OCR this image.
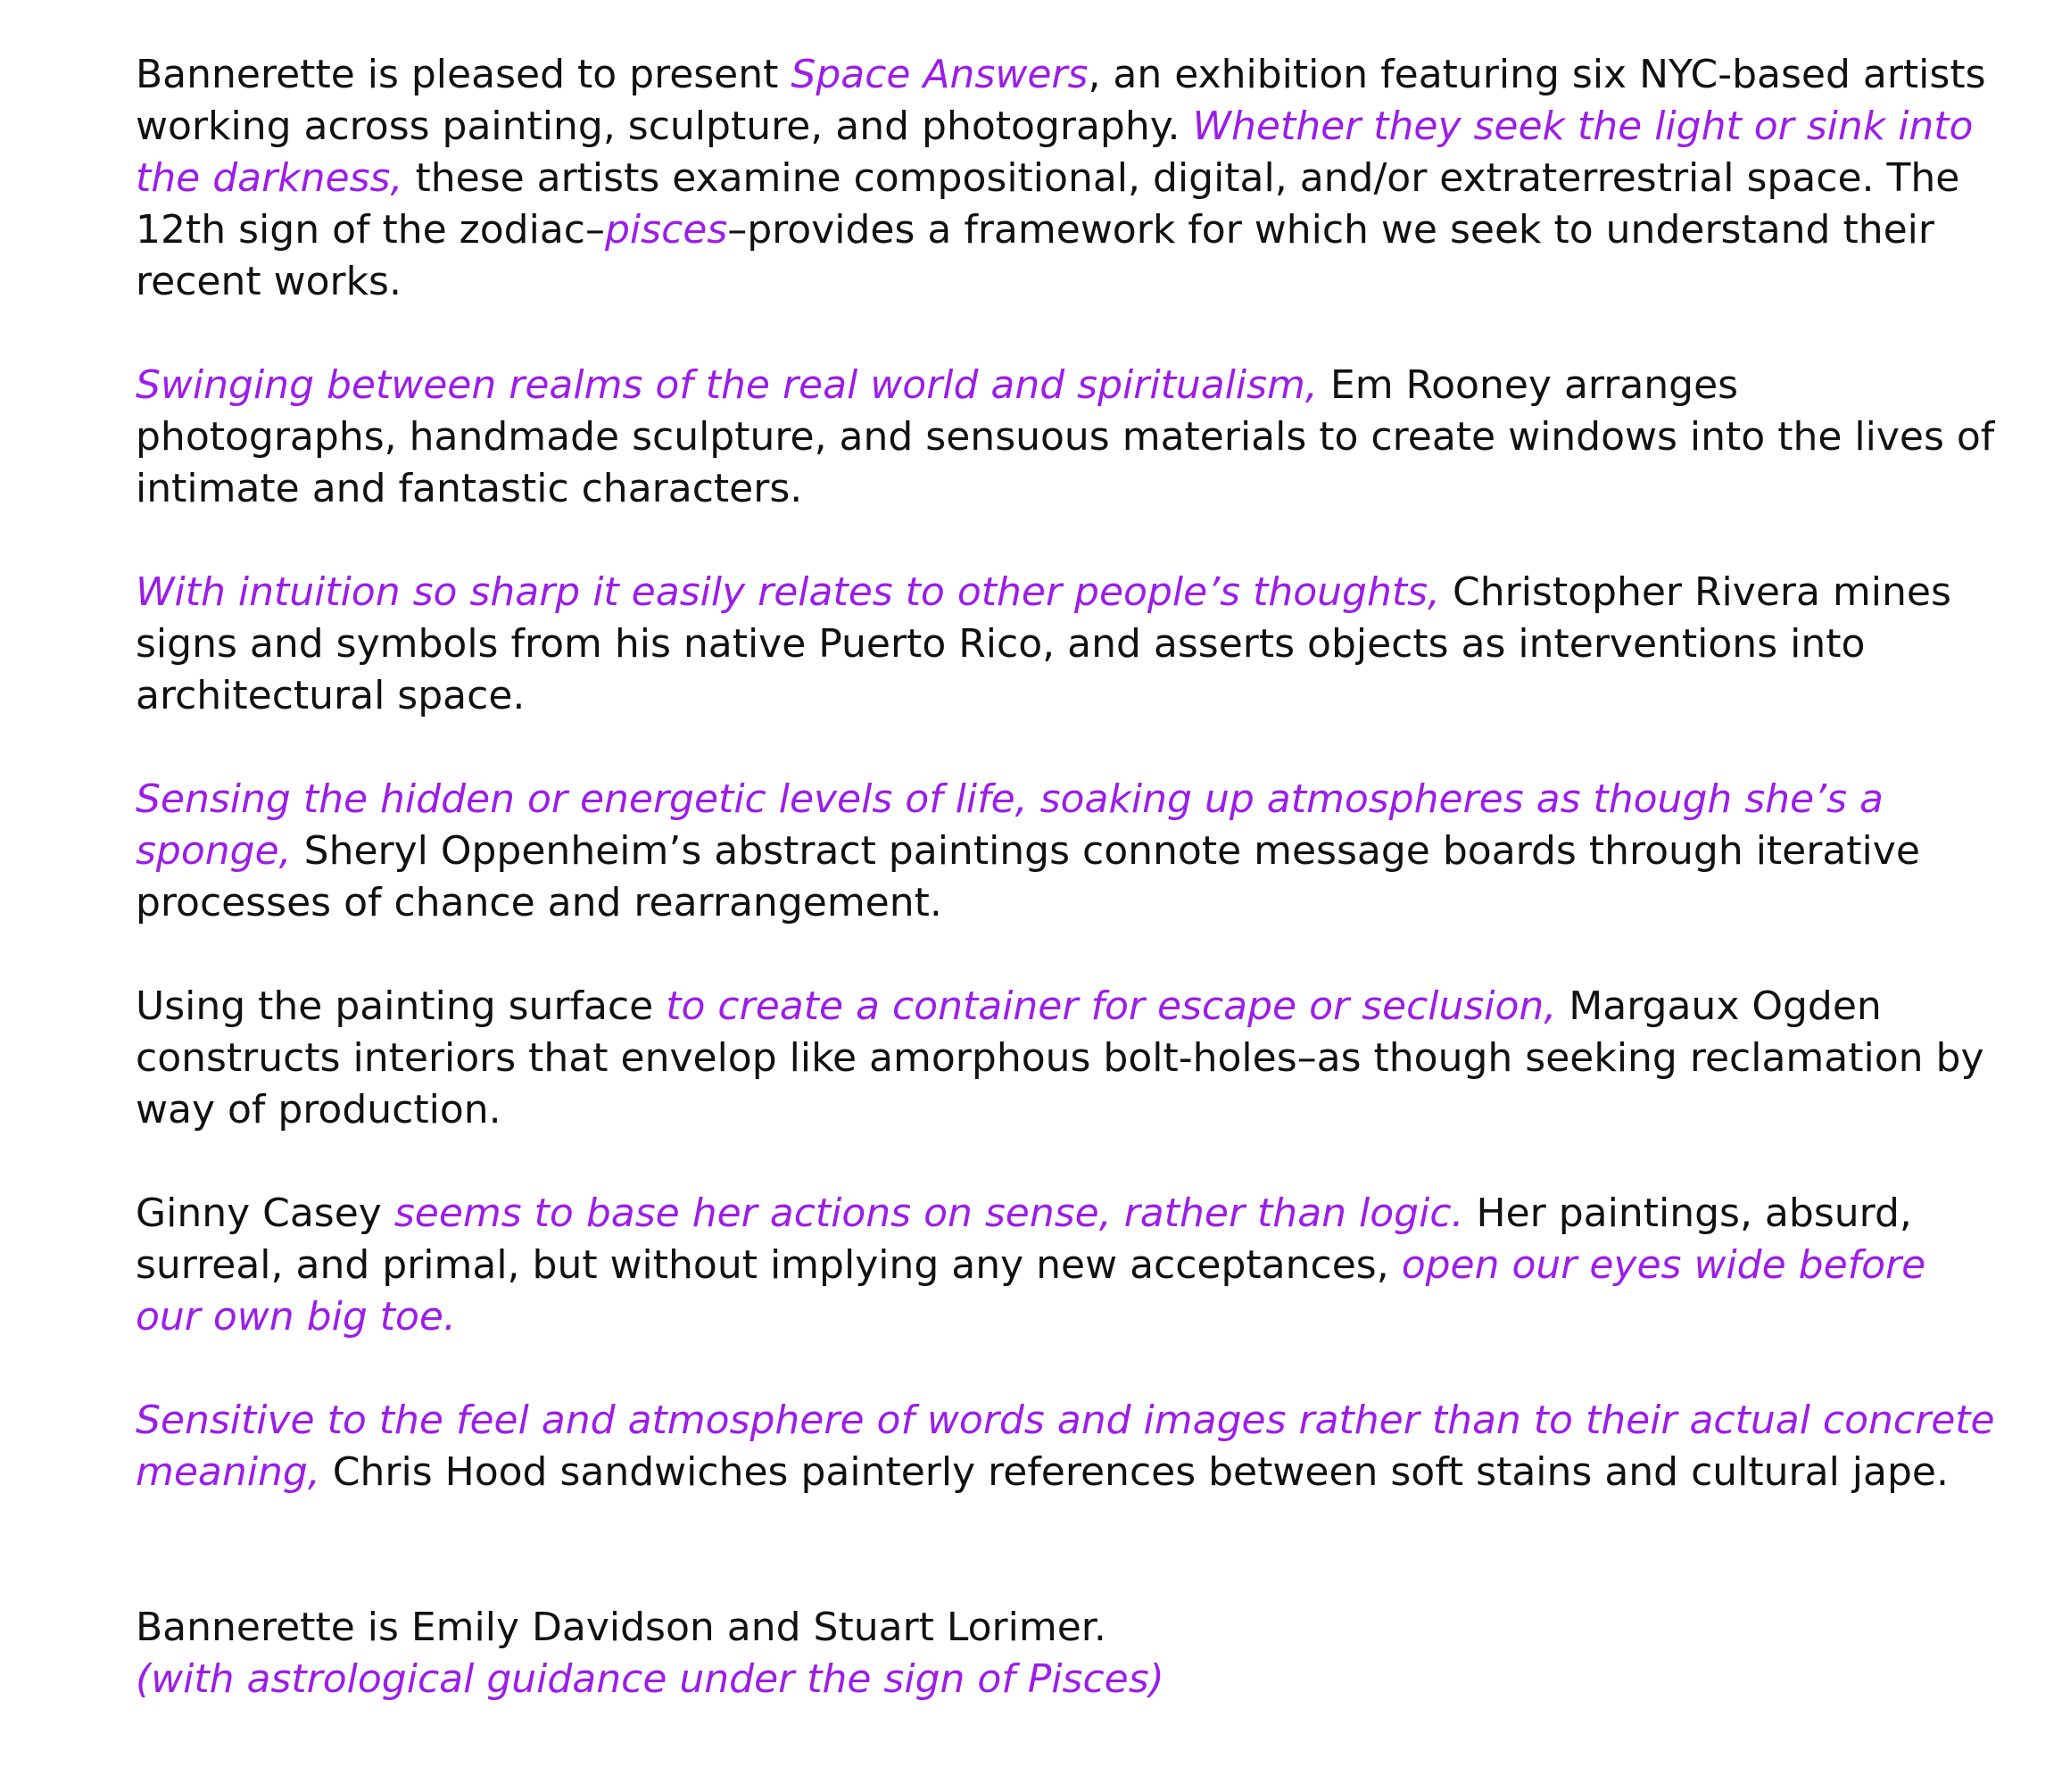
Bannerette is pleased to present Space Answers, an exhibition featuring six NYC-based artists working across painting, sculpture, and photography. Whether they seek the light or sink into the darkness, these artists examine compositional, digital, and/or extraterrestrial space. The 12th sign of the zodiac–pisces–provides a framework for which we seek to understand their recent works.

Swinging between realms of the real world and spiritualism, Em Rooney arranges photographs, handmade sculpture, and sensuous materials to create windows into the lives of intimate and fantastic characters.

With intuition so sharp it easily relates to other people’s thoughts, Christopher Rivera mines signs and symbols from his native Puerto Rico, and asserts objects as interventions into architectural space.

Sensing the hidden or energetic levels of life, soaking up atmospheres as though she’s a sponge, Sheryl Oppenheim’s abstract paintings connote message boards through iterative processes of chance and rearrangement.

Using the painting surface to create a container for escape or seclusion, Margaux Ogden constructs interiors that envelop like amorphous bolt-holes–as though seeking reclamation by way of production.

Ginny Casey seems to base her actions on sense, rather than logic. Her paintings, absurd, surreal, and primal, but without implying any new acceptances, open our eyes wide before our own big toe.

Sensitive to the feel and atmosphere of words and images rather than to their actual concrete meaning, Chris Hood sandwiches painterly references between soft stains and cultural jape.

Bannerette is Emily Davidson and Stuart Lorimer.
(with astrological guidance under the sign of Pisces)
